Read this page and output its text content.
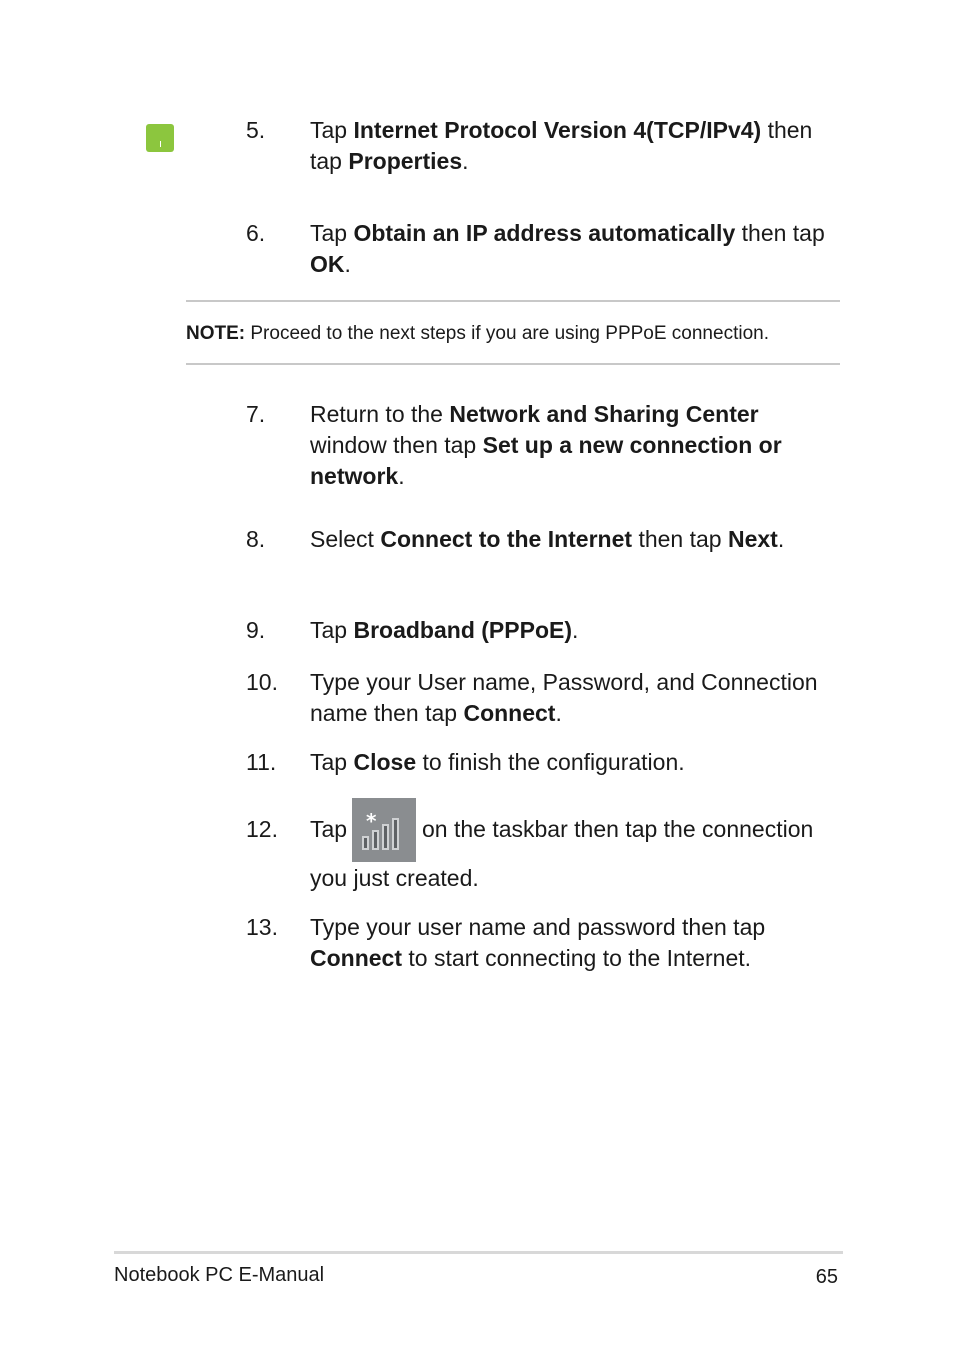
5. Tap Internet Protocol Version 4(TCP/IPv4) then tap Properties.
6. Tap Obtain an IP address automatically then tap OK.
NOTE: Proceed to the next steps if you are using PPPoE connection.
7. Return to the Network and Sharing Center window then tap Set up a new connection or network.
8. Select Connect to the Internet then tap Next.
9. Tap Broadband (PPPoE).
10. Type your User name, Password, and Connection name then tap Connect.
11. Tap Close to finish the configuration.
12. Tap * on the taskbar then tap the connection
you just created.
13. Type your user name and password then tap Connect to start connecting to the Internet.
Notebook PC E-Manual	65
